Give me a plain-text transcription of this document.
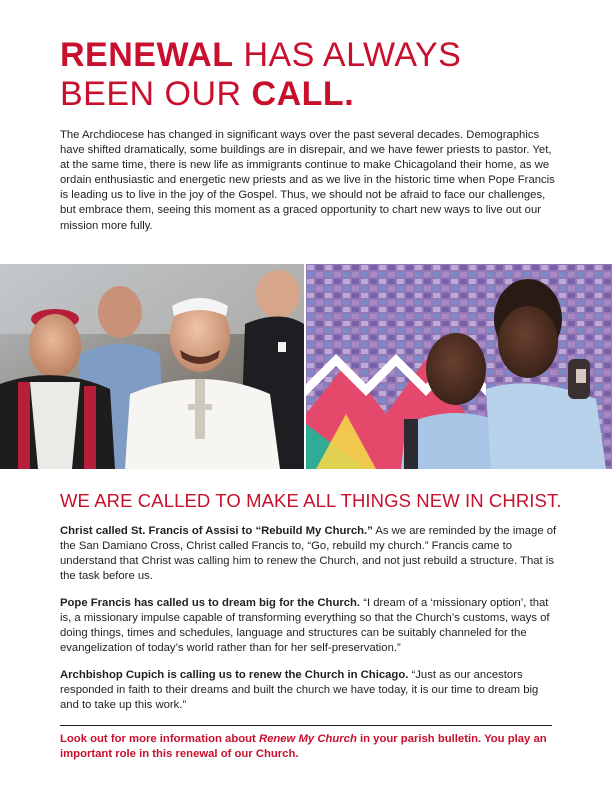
RENEWAL HAS ALWAYS
BEEN OUR CALL.

The Archdiocese has changed in significant ways over the past several decades. Demographics have shifted dramatically, some buildings are in disrepair, and we have fewer priests to pastor. Yet, at the same time, there is new life as immigrants continue to make Chicagoland their home, as we ordain enthusiastic and energetic new priests and as we live in the historic time when Pope Francis is leading us to live in the joy of the Gospel. Thus, we should not be afraid to face our challenges, but embrace them, seeing this moment as a graced opportunity to chart new ways to live out our mission more fully.

WE ARE CALLED TO MAKE ALL THINGS NEW IN CHRIST.

Christ called St. Francis of Assisi to “Rebuild My Church.” As we are reminded by the image of the San Damiano Cross, Christ called Francis to, “Go, rebuild my church.” Francis came to understand that Christ was calling him to renew the Church, and not just rebuild a structure. That is the task before us.

Pope Francis has called us to dream big for the Church. “I dream of a ‘missionary option’, that is, a missionary impulse capable of transforming everything so that the Church’s customs, ways of doing things, times and schedules, language and structures can be suitably channeled for the evangelization of today’s world rather than for her self-preservation.”

Archbishop Cupich is calling us to renew the Church in Chicago. “Just as our ancestors responded in faith to their dreams and built the church we have today, it is our time to dream big and to take up this work.”

Look out for more information about Renew My Church in your parish bulletin. You play an important role in this renewal of our Church.
